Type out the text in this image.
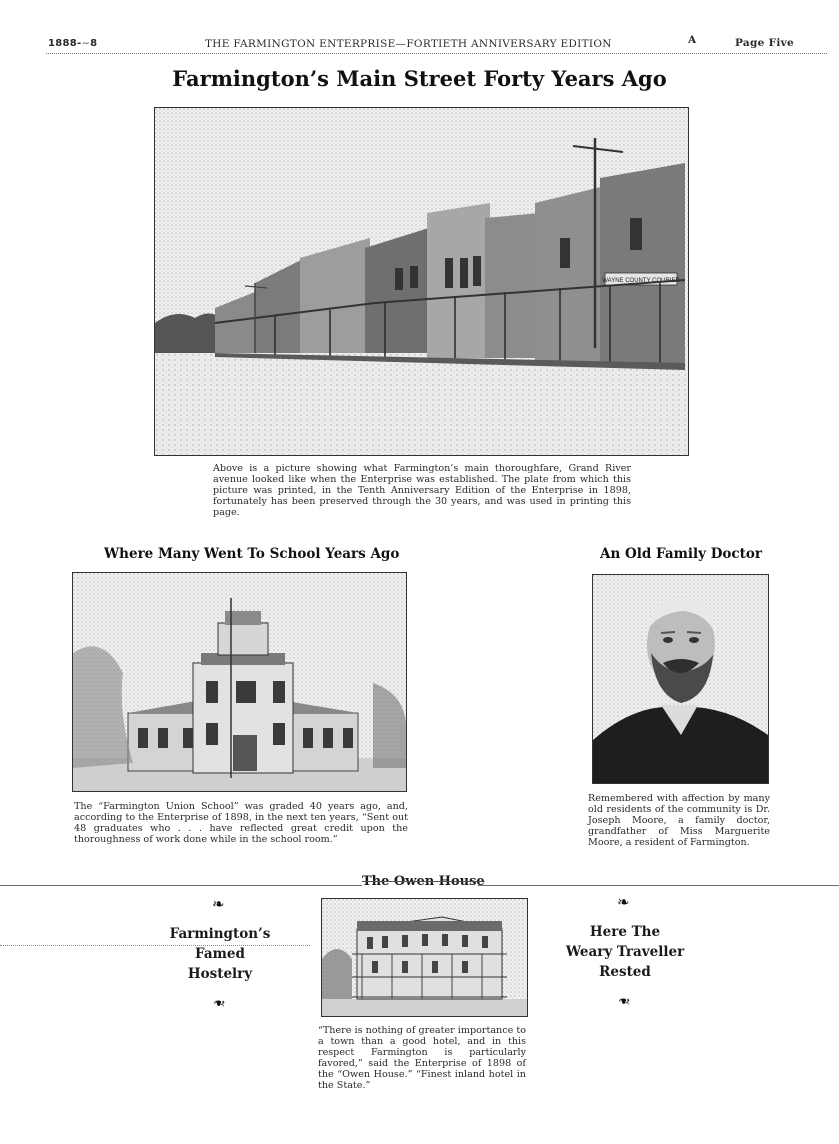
1888-~8	THE FARMINGTON ENTERPRISE—FORTIETH ANNIVERSARY EDITION	A	Page Five
Farmington’s Main Street Forty Years Ago
WAYNE COUNTY COURIER
Above is a picture showing what Farmington’s main thoroughfare, Grand River avenue looked like when the Enterprise was established. The plate from which this picture was printed, in the Tenth Anniversary Edition of the Enterprise in 1898, fortunately has been preserved through the 30 years, and was used in printing this page.
Where Many Went To School Years Ago
The “Farmington Union School” was graded 40 years ago, and, according to the Enterprise of 1898, in the next ten years, “Sent out 48 graduates who . . . have reflected great credit upon the thoroughness of work done while in the school room.”
An Old Family Doctor
Remembered with affection by many old residents of the community is Dr. Joseph Moore, a family doctor, grandfather of Miss Marguerite Moore, a resident of Farmington.
The Owen House
❧	❧
Farmington’s
Famed
Hostelry
Here The
Weary Traveller
Rested
❧	❧
“There is nothing of greater importance to a town than a good hotel, and in this respect Farmington is particularly favored,” said the Enterprise of 1898 of the “Owen House.” “Finest inland hotel in the State.”
